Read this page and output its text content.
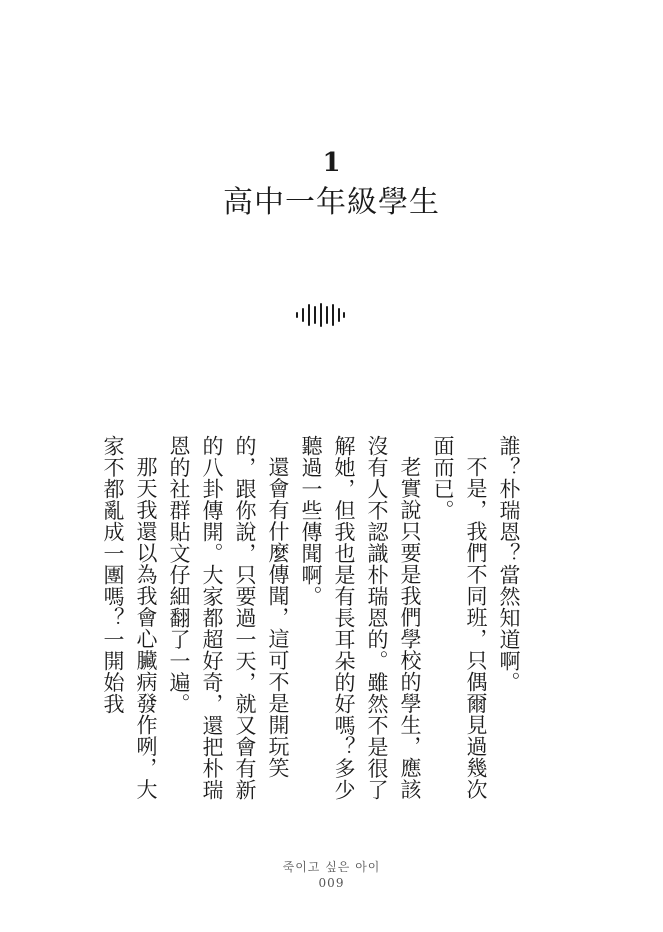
1
高中一年級學生

誰？朴瑞恩？當然知道啊。

不是，我們不同班，只偶爾見過幾次面而已。

老實說只要是我們學校的學生，應該沒有人不認識朴瑞恩的。雖然不是很了解她，但我也是有長耳朵的好嗎？多少聽過一些傳聞啊。

還會有什麼傳聞，這可不是開玩笑的，跟你說，只要過一天，就又會有新的八卦傳開。大家都超好奇，還把朴瑞恩的社群貼文仔細翻了一遍。

那天我還以為我會心臟病發作咧，大家不都亂成一團嗎？一開始我

죽이고 싶은 아이
009
